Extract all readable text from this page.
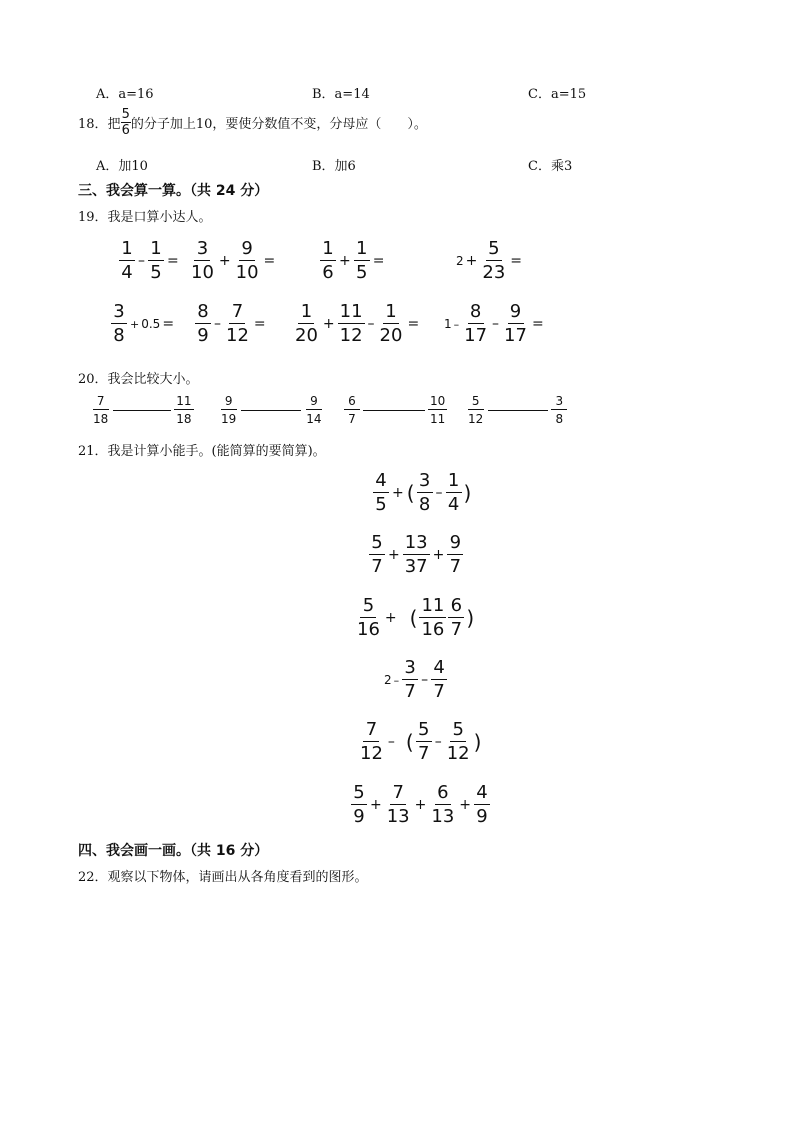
A．a=16	B．a=14	C．a=15
18． 把
5
6 的分子加上10，要使分数值不变，分母应（　　）。
A．加10	B．加6	C．乘3
三、我会算一算。（共 24 分）
19．我是口算小达人。
$\frac{1}{4} - \frac{1}{5} = \frac{3}{10} + \frac{9}{10} = \frac{1}{6} + \frac{1}{5}$ =	$2 + \frac{5}{23}$ =
$\frac{3}{8} + 0.5 = \frac{8}{9} - \frac{7}{12} = \frac{1}{20} + \frac{11}{12} - \frac{1}{20} = 1 - \frac{8}{17} - \frac{9}{17}$ =
20．我会比较大小。
$\frac{7}{18}$	$\frac{11}{18} \frac{9}{19}$	$\frac{9}{14} \frac{6}{7}$	$\frac{10}{11} \frac{5}{12}$	$\frac{3}{8}$
21．我是计算小能手。(能简算的要简算)。
$\frac{4}{5}$ + ( $\frac{3}{8} - \frac{1}{4}$ )
$\frac{5}{7} + \frac{13}{37} + \frac{9}{7}$
$\frac{5}{16}$ + ( $\frac{11}{16} \frac{6}{7}$ )
$2 - \frac{3}{7} - \frac{4}{7}$
$\frac{7}{12}$ – ( $\frac{5}{7} - \frac{5}{12}$ )
$\frac{5}{9} + \frac{7}{13} + \frac{6}{13} + \frac{4}{9}$
四、我会画一画。（共 16 分）
22．观察以下物体，请画出从各角度看到的图形。
